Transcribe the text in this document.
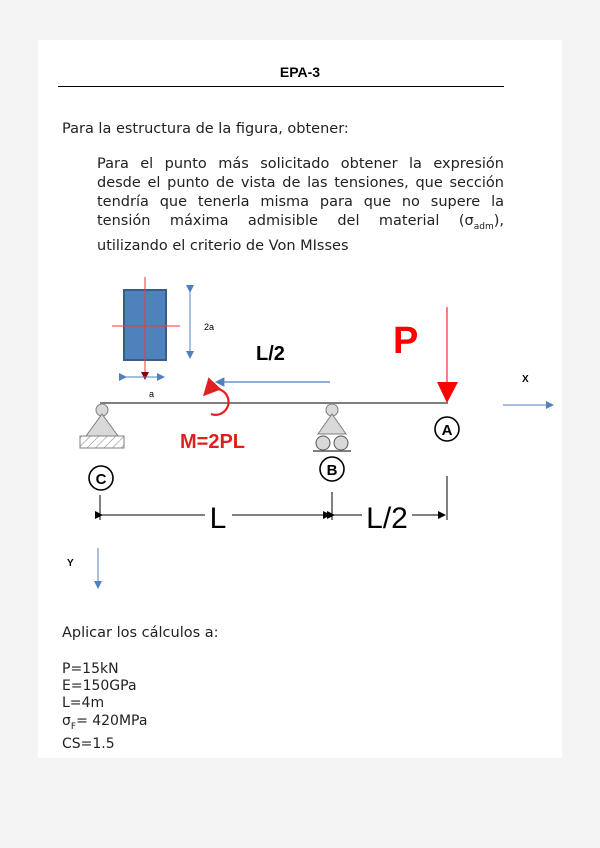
EPA-3
Para la estructura de la figura, obtener:
Para el punto más solicitado obtener la expresión desde el punto de vista de las tensiones, que sección tendría que tenerla misma para que no supere la tensión máxima admisible del material $(\sigma_{adm})$, utilizando el criterio de Von MIsses
2a
a
L/2	P
M=2PL
A
B
C
X
L	L/2
Y
Aplicar los cálculos a:
P=15kN
E=150GPa
L=4m
$\sigma_F= 420MPa$
CS=1.5
